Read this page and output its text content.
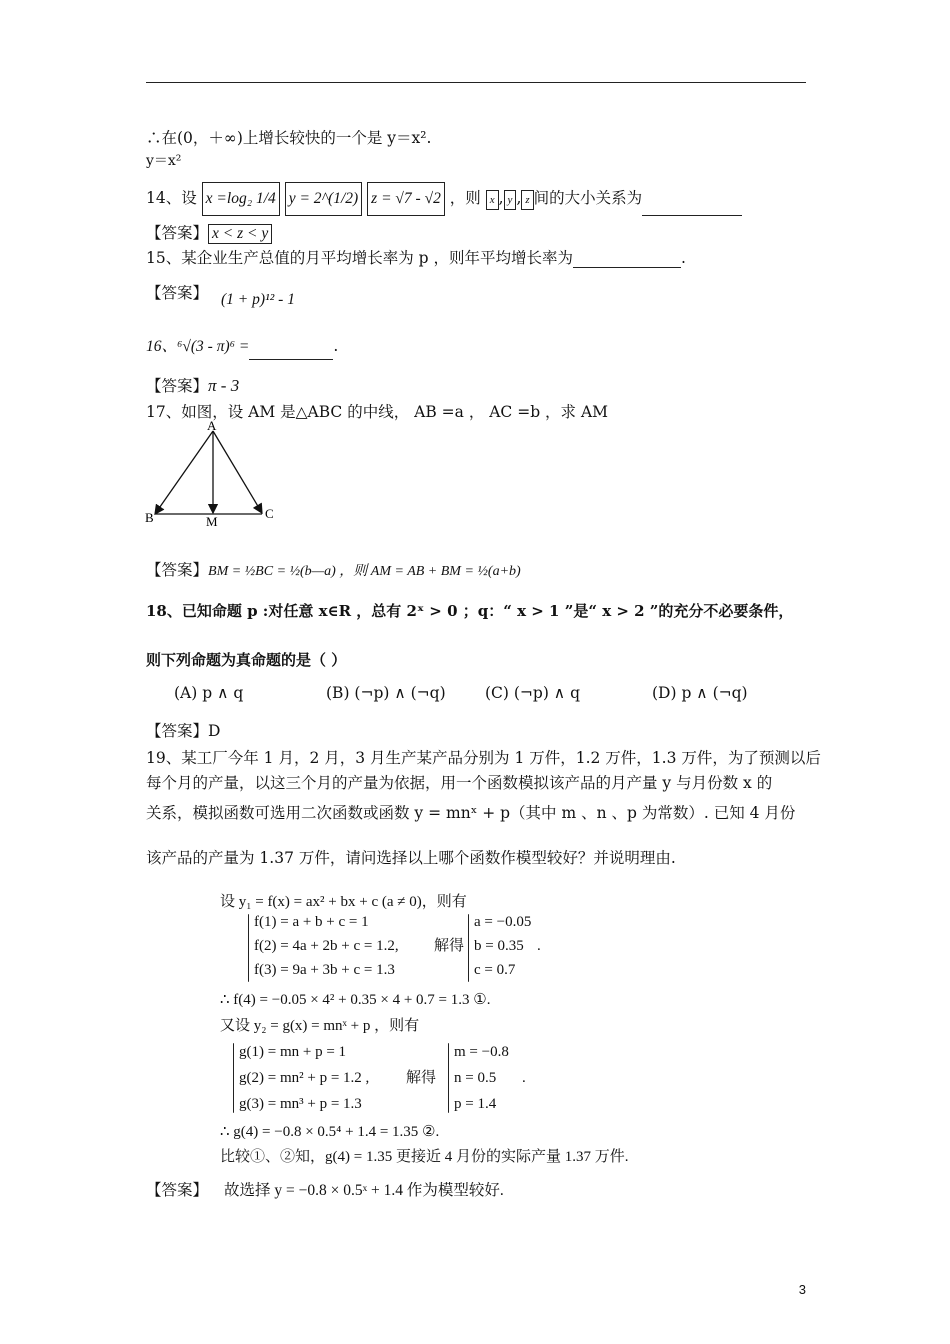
∴在(0，＋∞)上增长较快的一个是 y＝x².
y＝x²
14、设 x =log₂ 1/4 y = 2^(1/2) z = √7 - √2 ，则 x , y , z 间的大小关系为
【答案】 x < z < y
15、某企业生产总值的月平均增长率为 p ，则年平均增长率为	.
【答案】 (1 + p)¹² - 1
16、⁶√(3 - π)⁶ =	.
【答案】π - 3
17、如图，设 AM 是△ABC 的中线， AB =a ， AC =b ，求 AM
A
B	M
C
【答案】BM = ½BC = ½(b—a) ，则 AM = AB + BM = ½(a+b)
18、已知命题 p :对任意 x∈R ，总有 2ˣ > 0 ；q：“ x > 1 ”是“ x > 2 ”的充分不必要条件，
则下列命题为真命题的是（ ）
(A) p ∧ q	(B) (¬p) ∧ (¬q)	(C) (¬p) ∧ q	(D) p ∧ (¬q)
【答案】D
19、某工厂今年 1 月，2 月，3 月生产某产品分别为 1 万件，1.2 万件，1.3 万件，为了预测以后
每个月的产量，以这三个月的产量为依据，用一个函数模拟该产品的月产量 y 与月份数 x 的
关系，模拟函数可选用二次函数或函数 y = mnˣ + p（其中 m 、n 、p 为常数）. 已知 4 月份
该产品的产量为 1.37 万件，请问选择以上哪个函数作模型较好？并说明理由.
设 y₁ = f(x) = ax² + bx + c (a ≠ 0)，则有
f(1) = a + b + c = 1
f(2) = 4a + 2b + c = 1.2,
f(3) = 9a + 3b + c = 1.3
解得
a = −0.05
b = 0.35
c = 0.7
.
∴ f(4) = −0.05 × 4² + 0.35 × 4 + 0.7 = 1.3 ①.
又设 y₂ = g(x) = mnˣ + p ，则有
g(1) = mn + p = 1
g(2) = mn² + p = 1.2 ,
g(3) = mn³ + p = 1.3
解得
m = −0.8
n = 0.5
p = 1.4
.
∴ g(4) = −0.8 × 0.5⁴ + 1.4 = 1.35 ②.
比较①、②知，g(4) = 1.35 更接近 4 月份的实际产量 1.37 万件.
【答案】 故选择 y = −0.8 × 0.5ˣ + 1.4 作为模型较好.
3
